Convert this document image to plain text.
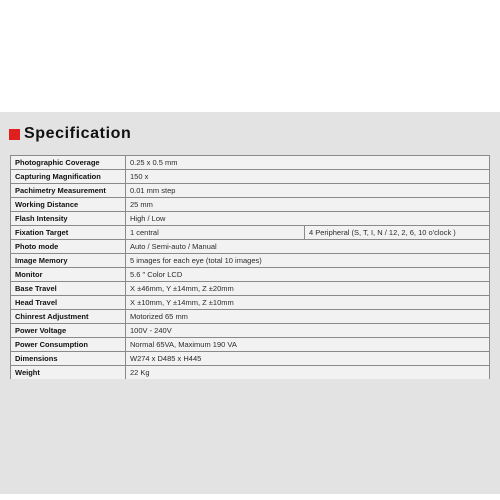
Specification
Photographic Coverage	0.25 x 0.5 mm	
Capturing Magnification	150 x	
Pachimetry Measurement	0.01 mm step	
Working Distance	25 mm	
Flash Intensity	High / Low	
Fixation Target	1 central	4 Peripheral (S, T, I, N / 12, 2, 6, 10 o'clock )
Photo mode	Auto / Semi-auto / Manual	
Image Memory	5 images for each eye (total 10 images)	
Monitor	5.6 " Color LCD	
Base Travel	X ±46mm, Y ±14mm, Z ±20mm	
Head Travel	X ±10mm, Y ±14mm, Z ±10mm	
Chinrest Adjustment	Motorized 65 mm	
Power Voltage	100V - 240V	
Power Consumption	Normal 65VA, Maximum 190 VA	
Dimensions	W274 x D485 x H445	
Weight	22 Kg	
